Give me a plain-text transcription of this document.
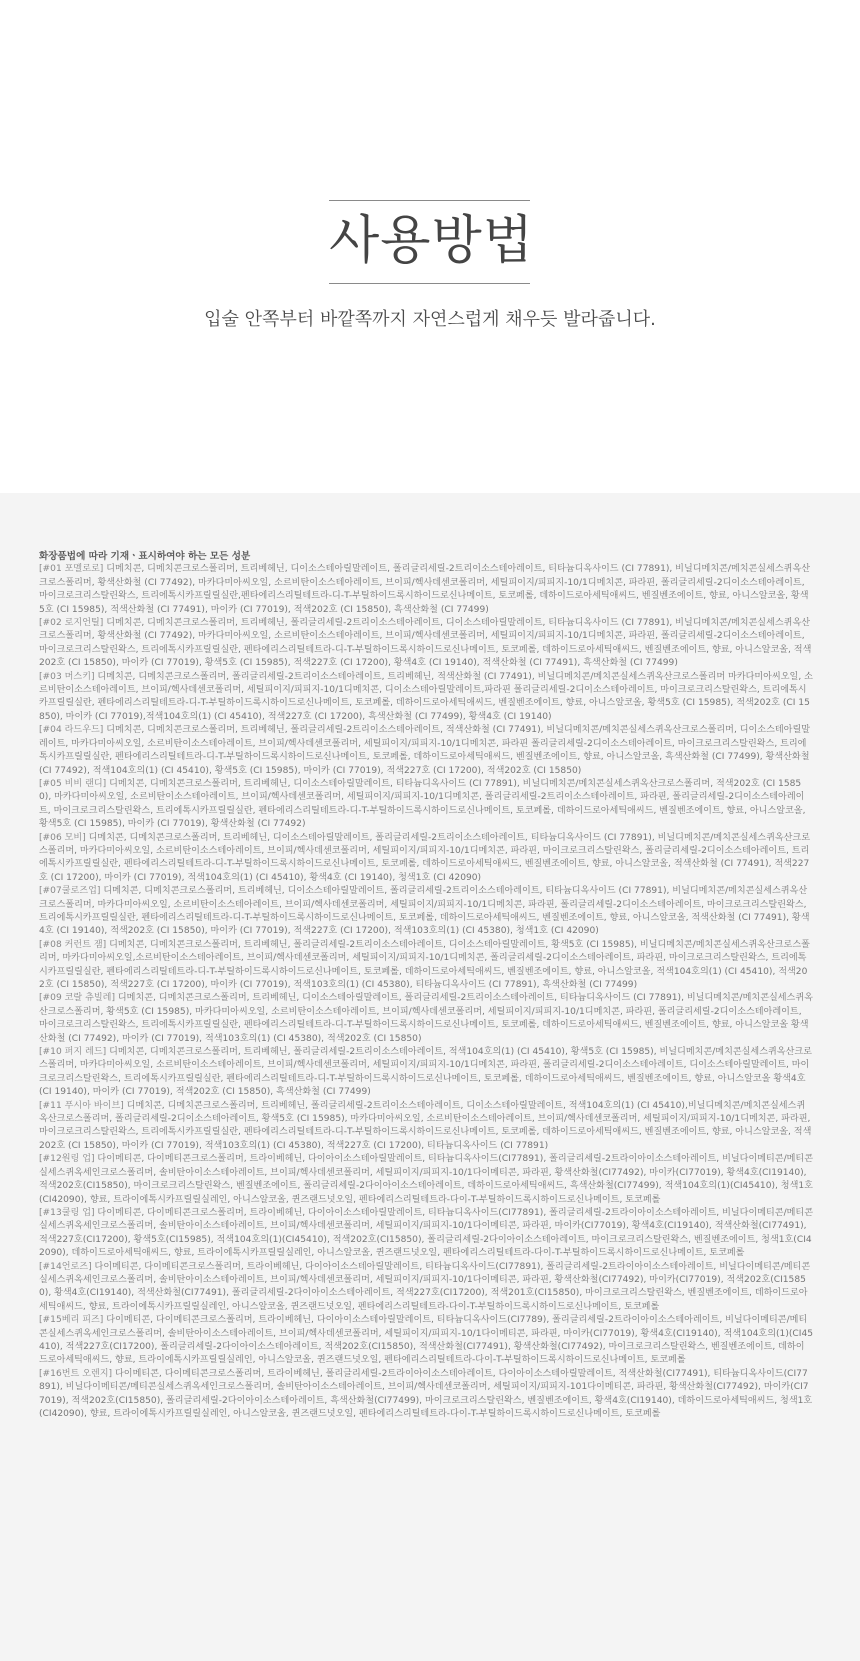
사용방법
입술 안쪽부터 바깥쪽까지 자연스럽게 채우듯 발라줍니다.
화장품법에 따라 기재ㆍ표시하여야 하는 모든 성분

[#01 포멜로로] 디메치콘, 디메치콘크로스폴리머, 트리베헤닌, 디이소스테아릴말레이트, 폴리글리세릴-2트리이소스테아레이트, 티타늄디옥사이드 (CI 77891), 비닐디메치콘/메치콘실세스퀴옥산크로스폴리머, 황색산화철 (CI 77492), 마카다미아씨오일, 소르비탄이소스테아레이트, 브이피/헥사데센코폴리머, 세틸피이지/피피지-10/1디메치콘, 파라핀, 폴리글리세릴-2디이소스테아레이트, 마이크로크리스탈린왁스, 트리에톡시카프릴릴실란,펜타에리스리틸테트라-디-T-부틸하이드록시하이드로신나메이트, 토코페롤, 데하이드로아세틱애씨드, 벤질벤조에이트, 향료, 아니스알코올, 황색5호 (CI 15985), 적색산화철 (CI 77491), 마이카 (CI 77019), 적색202호 (CI 15850), 흑색산화철 (CI 77499)

[#02 로지언틸] 디메치콘, 디메치콘크로스폴리머, 트리베헤닌, 폴리글리세릴-2트리이소스테아레이트, 디이소스테아릴말레이트, 티타늄디옥사이드 (CI 77891), 비닐디메치콘/메치콘실세스퀴옥산크로스폴리머, 황색산화철 (CI 77492), 마카다미아씨오일, 소르비탄이소스테아레이트, 브이피/헥사데센코폴리머, 세틸피이지/피피지-10/1디메치콘, 파라핀, 폴리글리세릴-2디이소스테아레이트, 마이크로크리스탈린왁스, 트리에톡시카프릴릴실란, 펜타에리스리틸테트라-디-T-부틸하이드록시하이드로신나메이트, 토코페롤, 데하이드로아세틱애씨드, 벤질벤조에이트, 향료, 아니스알코올, 적색202호 (CI 15850), 마이카 (CI 77019), 황색5호 (CI 15985), 적색227호 (CI 17200), 황색4호 (CI 19140), 적색산화철 (CI 77491), 흑색산화철 (CI 77499)

[#03 머스키] 디메치콘, 디메치콘크로스폴리머, 폴리글리세릴-2트리이소스테아레이트, 트리베헤닌, 적색산화철 (CI 77491), 비닐디메치콘/메치콘실세스퀴옥산크로스폴리머 마카다미아씨오일, 소르비탄이소스테아레이트, 브이피/헥사데센코폴리머, 세틸피이지/피피지-10/1디메치콘, 디이소스테아릴말레이트,파라핀 폴리글리세릴-2디이소스테아레이트, 마이크로크리스탈린왁스, 트리에톡시카프릴릴실란, 펜타에리스리틸테트라-디-T-부틸하이드록시하이드로신나메이트, 토코페롤, 데하이드로아세틱애씨드, 벤질벤조에이트, 향료, 아니스알코올, 황색5호 (CI 15985), 적색202호 (CI 15850), 마이카 (CI 77019),적색104호의(1) (CI 45410), 적색227호 (CI 17200), 흑색산화철 (CI 77499), 황색4호 (CI 19140)

[#04 라드우드] 디메치콘, 디메치콘크로스폴리머, 트리베헤닌, 폴리글리세릴-2트리이소스테아레이트, 적색산화철 (CI 77491), 비닐디메치콘/메치콘실세스퀴옥산크로스폴리머, 디이소스테아릴말레이트, 마카다미아씨오일, 소르비탄이소스테아레이트, 브이피/헥사데센코폴리머, 세틸피이지/피피지-10/1디메치콘, 파라핀 폴리글리세릴-2디이소스테아레이트, 마이크로크리스탈린왁스, 트리에톡시카프릴릴실란, 펜타에리스리틸테트라-디-T-부틸하이드록시하이드로신나메이트, 토코페롤, 데하이드로아세틱애씨드, 벤질벤조에이트, 향료, 아니스알코올, 흑색산화철 (CI 77499), 황색산화철 (CI 77492), 적색104호의(1) (CI 45410), 황색5호 (CI 15985), 마이카 (CI 77019), 적색227호 (CI 17200), 적색202호 (CI 15850)

[#05 비비 랜디] 디메치콘, 디메치콘크로스폴리머, 트리베헤닌, 디이소스테아릴말레이트, 티타늄디옥사이드 (CI 77891), 비닐디메치콘/메치콘실세스퀴옥산크로스폴리머, 적색202호 (CI 15850), 마카다미아씨오일, 소르비탄이소스테아레이트, 브이피/헥사데센코폴리머, 세틸피이지/피피지-10/1디메치콘, 폴리글리세릴-2트리이소스테아레이트, 파라핀, 폴리글리세릴-2디이소스테아레이트, 마이크로크리스탈린왁스, 트리에톡시카프릴릴실란, 펜타에리스리틸테트라-디-T-부틸하이드록시하이드로신나메이트, 토코페롤, 데하이드로아세틱애씨드, 벤질벤조에이트, 향료, 아니스알코올, 황색5호 (CI 15985), 마이카 (CI 77019), 황색산화철 (CI 77492)

[#06 모비] 디메치콘, 디메치콘크로스폴리머, 트리베헤닌, 디이소스테아릴말레이트, 폴리글리세릴-2트리이소스테아레이트, 티타늄디옥사이드 (CI 77891), 비닐디메치콘/메치콘실세스퀴옥산크로스폴리머, 마카다미아씨오일, 소르비탄이소스테아레이트, 브이피/헥사데센코폴리머, 세틸피이지/피피지-10/1디메치콘, 파라핀, 마이크로크리스탈린왁스, 폴리글리세릴-2디이소스테아레이트, 트리에톡시카프릴릴실란, 펜타에리스리틸테트라-디-T-부틸하이드록시하이드로신나메이트, 토코페롤, 데하이드로아세틱애씨드, 벤질벤조에이트, 향료, 아니스알코올, 적색산화철 (CI 77491), 적색227호 (CI 17200), 마이카 (CI 77019), 적색104호의(1) (CI 45410), 황색4호 (CI 19140), 청색1호 (CI 42090)

[#07쿨로즈업] 디메치콘, 디메치콘크로스폴리머, 트리베헤닌, 디이소스테아릴말레이트, 폴리글리세릴-2트리이소스테아레이트, 티타늄디옥사이드 (CI 77891), 비닐디메치콘/메치콘실세스퀴옥산크로스폴리머, 마카다미아씨오일, 소르비탄이소스테아레이트, 브이피/헥사데센코폴리머, 세틸피이지/피피지-10/1디메치콘, 파라핀, 폴리글리세릴-2디이소스테아레이트, 마이크로크리스탈린왁스, 트리에톡시카프릴릴실란, 펜타에리스리틸테트라-디-T-부틸하이드록시하이드로신나메이트, 토코페롤, 데하이드로아세틱애씨드, 벤질벤조에이트, 향료, 아니스알코올, 적색산화철 (CI 77491), 황색4호 (CI 19140), 적색202호 (CI 15850), 마이카 (CI 77019), 적색227호 (CI 17200), 적색103호의(1) (CI 45380), 청색1호 (CI 42090)

[#08 커런트 잼] 디메치콘, 디메치콘크로스폴리머, 트리베헤닌, 폴리글리세릴-2트리이소스테아레이트, 디이소스테아릴말레이트, 황색5호 (CI 15985), 비닐디메치콘/메치콘실세스퀴옥산크로스폴리머, 마카다미아씨오일,소르비탄이소스테아레이트, 브이피/헥사데센코폴리머, 세틸피이지/피피지-10/1디메치콘, 폴리글리세릴-2디이소스테아레이트, 파라핀, 마이크로크리스탈린왁스, 트리에톡시카프릴릴실란, 펜타에리스리틸테트라-디-T-부틸하이드록시하이드로신나메이트, 토코페롤, 데하이드로아세틱애씨드, 벤질벤조에이트, 향료, 아니스알코올, 적색104호의(1) (CI 45410), 적색202호 (CI 15850), 적색227호 (CI 17200), 마이카 (CI 77019), 적색103호의(1) (CI 45380), 티타늄디옥사이드 (CI 77891), 흑색산화철 (CI 77499)

[#09 코랄 츄빌레] 디메치콘, 디메치콘크로스폴리머, 트리베헤닌, 디이소스테아릴말레이트, 폴리글리세릴-2트리이소스테아레이트, 티타늄디옥사이드 (CI 77891), 비닐디메치콘/메치콘실세스퀴옥산크로스폴리머, 황색5호 (CI 15985), 마카다미아씨오일, 소르비탄이소스테아레이트, 브이피/헥사데센코폴리머, 세틸피이지/피피지-10/1디메치콘, 파라핀, 폴리글리세릴-2디이소스테아레이트, 마이크로크리스탈린왁스, 트리에톡시카프릴릴실란, 펜타에리스리틸테트라-디-T-부틸하이드록시하이드로신나메이트, 토코페롤, 데하이드로아세틱애씨드, 벤질벤조에이트, 향료, 아니스알코올 황색산화철 (CI 77492), 마이카 (CI 77019), 적색103호의(1) (CI 45380), 적색202호 (CI 15850)

[#10 퍼지 레드] 디메치콘, 디메치콘크로스폴리머, 트리베헤닌, 폴리글리세릴-2트리이소스테아레이트, 적색104호의(1) (CI 45410), 황색5호 (CI 15985), 비닐디메치콘/메치콘실세스퀴옥산크로스폴리머, 마카다미아씨오일, 소르비탄이소스테아레이트, 브이피/헥사데센코폴리머, 세틸피이지/피피지-10/1디메치콘, 파라핀, 폴리글리세릴-2디이소스테아레이트, 디이소스테아릴말레이트, 마이크로크리스탈린왁스, 트리에톡시카프릴릴실란, 펜타에리스리틸테트라-디-T-부틸하이드록시하이드로신나메이트, 토코페롤, 데하이드로아세틱애씨드, 벤질벤조에이트, 향료, 아니스알코올 황색4호 (CI 19140), 마이카 (CI 77019), 적색202호 (CI 15850), 흑색산화철 (CI 77499)

[#11 푸시아 바이브] 디메치콘, 디메치콘크로스폴리머, 트리베헤닌, 폴리글리세릴-2트리이소스테아레이트, 디이소스테아릴말레이트, 적색104호의(1) (CI 45410),비닐디메치콘/메치콘실세스퀴옥산크로스폴리머, 폴리글리세릴-2디이소스테아레이트, 황색5호 (CI 15985), 마카다미아씨오일, 소르비탄이소스테아레이트, 브이피/헥사데센코폴리머, 세틸피이지/피피지-10/1디메치콘, 파라핀, 마이크로크리스탈린왁스, 트리에톡시카프릴릴실란, 펜타에리스리틸테트라-디-T-부틸하이드록시하이드로신나메이트, 토코페롤, 데하이드로아세틱애씨드, 벤질벤조에이트, 향료, 아니스알코올, 적색202호 (CI 15850), 마이카 (CI 77019), 적색103호의(1) (CI 45380), 적색227호 (CI 17200), 티타늄디옥사이드 (CI 77891)

[#12원링 업] 다이메티콘, 다이메티콘크로스폴리머, 트라이베헤닌, 다이아이소스테아릴말레이트, 티타늄디옥사이드(CI77891), 폴리글리세릴-2트라이아이소스테아레이트, 비닐다이메티콘/메티콘실세스퀴옥세인크로스폴리머, 솔비탄아이소스테아레이트, 브이피/헥사데센코폴리머, 세틸피이지/피피지-10/1다이메티콘, 파라핀, 황색산화철(CI77492), 마이카(CI77019), 황색4호(CI19140), 적색202호(CI15850), 마이크로크리스탈린왁스, 벤질벤조에이트, 폴리글리세릴-2다이아이소스테아레이트, 데하이드로아세틱애씨드, 흑색산화철(CI77499), 적색104호의(1)(CI45410), 청색1호(CI42090), 향료, 트라이에톡시카프릴릴실레인, 아니스알코올, 퀸즈랜드넛오일, 펜타에리스리틸테트라-다이-T-부틸하이드록시하이드로신나메이트, 토코페롤

[#13쿨링 업] 다이메티콘, 다이메티콘크로스폴리머, 트라이베헤닌, 다이아이소스테아릴말레이트, 티타늄디옥사이드(CI77891), 폴리글리세릴-2트라이아이소스테아레이트, 비닐다이메티콘/메티콘실세스퀴옥세인크로스폴리머, 솔비탄아이소스테아레이트, 브이피/헥사데센코폴리머, 세틸피이지/피피지-10/1다이메티콘, 파라핀, 마이카(CI77019), 황색4호(CI19140), 적색산화철(CI77491), 적색227호(CI17200), 황색5호(CI15985), 적색104호의(1)(CI45410), 적색202호(CI15850), 폴리글리세릴-2다이아이소스테아레이트, 마이크로크리스탈린왁스, 벤질벤조에이트, 청색1호(CI42090), 데하이드로아세틱애씨드, 향료, 트라이에톡시카프릴릴실레인, 아니스알코올, 퀸즈랜드넛오일, 펜타에리스리틸테트라-다이-T-부틸하이드록시하이드로신나메이트, 토코페롤

[#14언로즈] 다이메티콘, 다이메티콘크로스폴리머, 트라이베헤닌, 다이아이소스테아릴말레이트, 티타늄디옥사이드(CI77891), 폴리글리세릴-2트라이아이소스테아레이트, 비닐다이메티콘/메티콘실세스퀴옥세인크로스폴리머, 솔비탄아이소스테아레이트, 브이피/헥사데센코폴리머, 세틸피이지/피피지-10/1다이메티콘, 파라핀, 황색산화철(CI77492), 마이카(CI77019), 적색202호(CI15850), 황색4호(CI19140), 적색산화철(CI77491), 폴리글리세릴-2다이아이소스테아레이트, 적색227호(CI17200), 적색201호(CI15850), 마이크로크리스탈린왁스, 벤질벤조에이트, 데하이드로아세틱애씨드, 향료, 트라이에톡시카프릴릴실레인, 아니스알코올, 퀸즈랜드넛오일, 펜타에리스리틸테트라-다이-T-부틸하이드록시하이드로신나메이트, 토코페롤

[#15베리 피즈] 다이메티콘, 다이메티콘크로스폴리머, 트라이베헤닌, 다이아이소스테아릴말레이트, 티타늄디옥사이드(CI7789), 폴리글리세릴-2트라이아이소스테아레이트, 비닐다이메티콘/메티콘실세스퀴옥세인크로스폴리머, 솔비탄아이소스테아레이트, 브이피/헥사데센코폴리머, 세틸피이지/피피지-10/1다이메티콘, 파라핀, 마이카(CI77019), 황색4호(CI19140), 적색104호의(1)(CI45410), 적색227호(CI17200), 폴리글리세릴-2다이아이소스테아레이트, 적색202호(CI15850), 적색산화철(CI77491), 황색산화철(CI77492), 마이크로크리스탈린왁스, 벤질벤조에이트, 데하이드로아세틱애씨드, 향료, 트라이에톡시카프릴릴실레인, 아니스알코올, 퀸즈랜드넛오일, 펜타에리스리틸테트라-다이-T-부틸하이드록시하이드로신나메이트, 토코페롤

[#16번트 오렌지] 다이메티콘, 다이메티콘크로스폴리머, 트라이베헤닌, 폴리글리세릴-2트라이아이소스테아레이트, 다이아이소스테아릴말레이트, 적색산화철(CI77491), 티타늄디옥사이드(CI77891), 비닐다이메티콘/메티콘실세스퀴옥세인크로스폴리머, 솔비탄아이소스테아레이트, 브이피/헥사데센코폴리머, 세틸피이지/피피지-101다이메티콘, 파라핀, 황색산화철(CI77492), 마이카(CI77019), 적색202호(CI15850), 폴리글리세릴-2다이아이소스테아레이트, 흑색산화철(CI77499), 마이크로크리스탈린왁스, 벤질벤조에이트, 황색4호(CI19140), 데하이드로아세틱애씨드, 청색1호(CI42090), 향료, 트라이에톡시카프릴릴실레인, 아니스알코올, 퀸즈랜드넛오일, 펜타에리스리틸테트라-다이-T-부틸하이드록시하이드로신나메이트, 토코페롤
